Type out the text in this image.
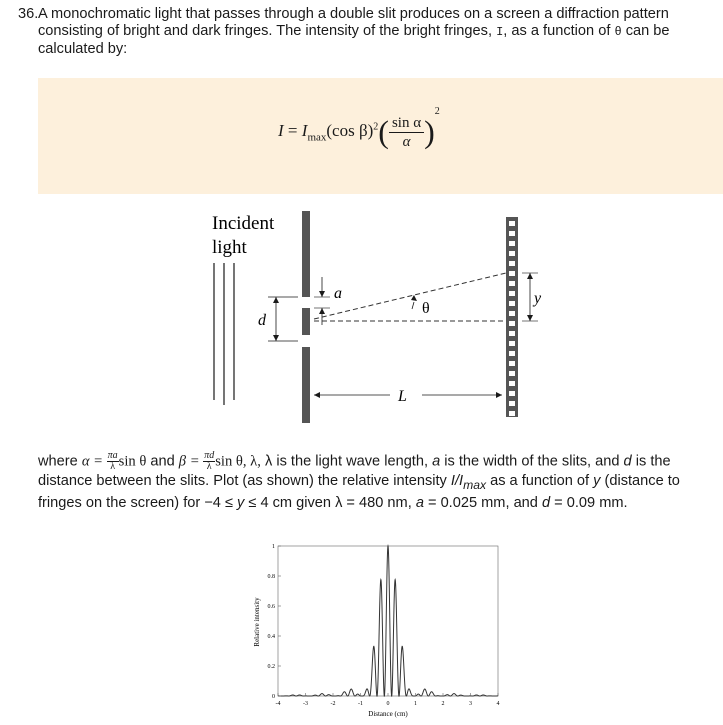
36. A monochromatic light that passes through a double slit produces on a screen a diffraction pattern consisting of bright and dark fringes. The intensity of the bright fringes, I, as a function of θ can be calculated by:
$I = I_{max}(\cos$ $\beta)^2( \frac{\text{sin α}}{\alpha} )^2$
Incident
light
d
a
θ
y
L
where $\alpha = \frac{\pi a}{\lambda}$ sin θ and $\beta = \frac{\pi d}{\lambda}$ sin θ, λ, λ is the light wave length, a is the width of the slits, and d is the distance between the slits. Plot (as shown) the relative intensity $I/I_{max}$ as a function of y (distance to fringes on the screen) for −4 ≤ y ≤ 4 cm given λ = 480 nm, a = 0.025 mm, and d = 0.09 mm.
-4	-3	-2	-1	0	1	2	3	4
0
0.2
0.4
0.6
0.8
1
Distance (cm)
Relative intensity
